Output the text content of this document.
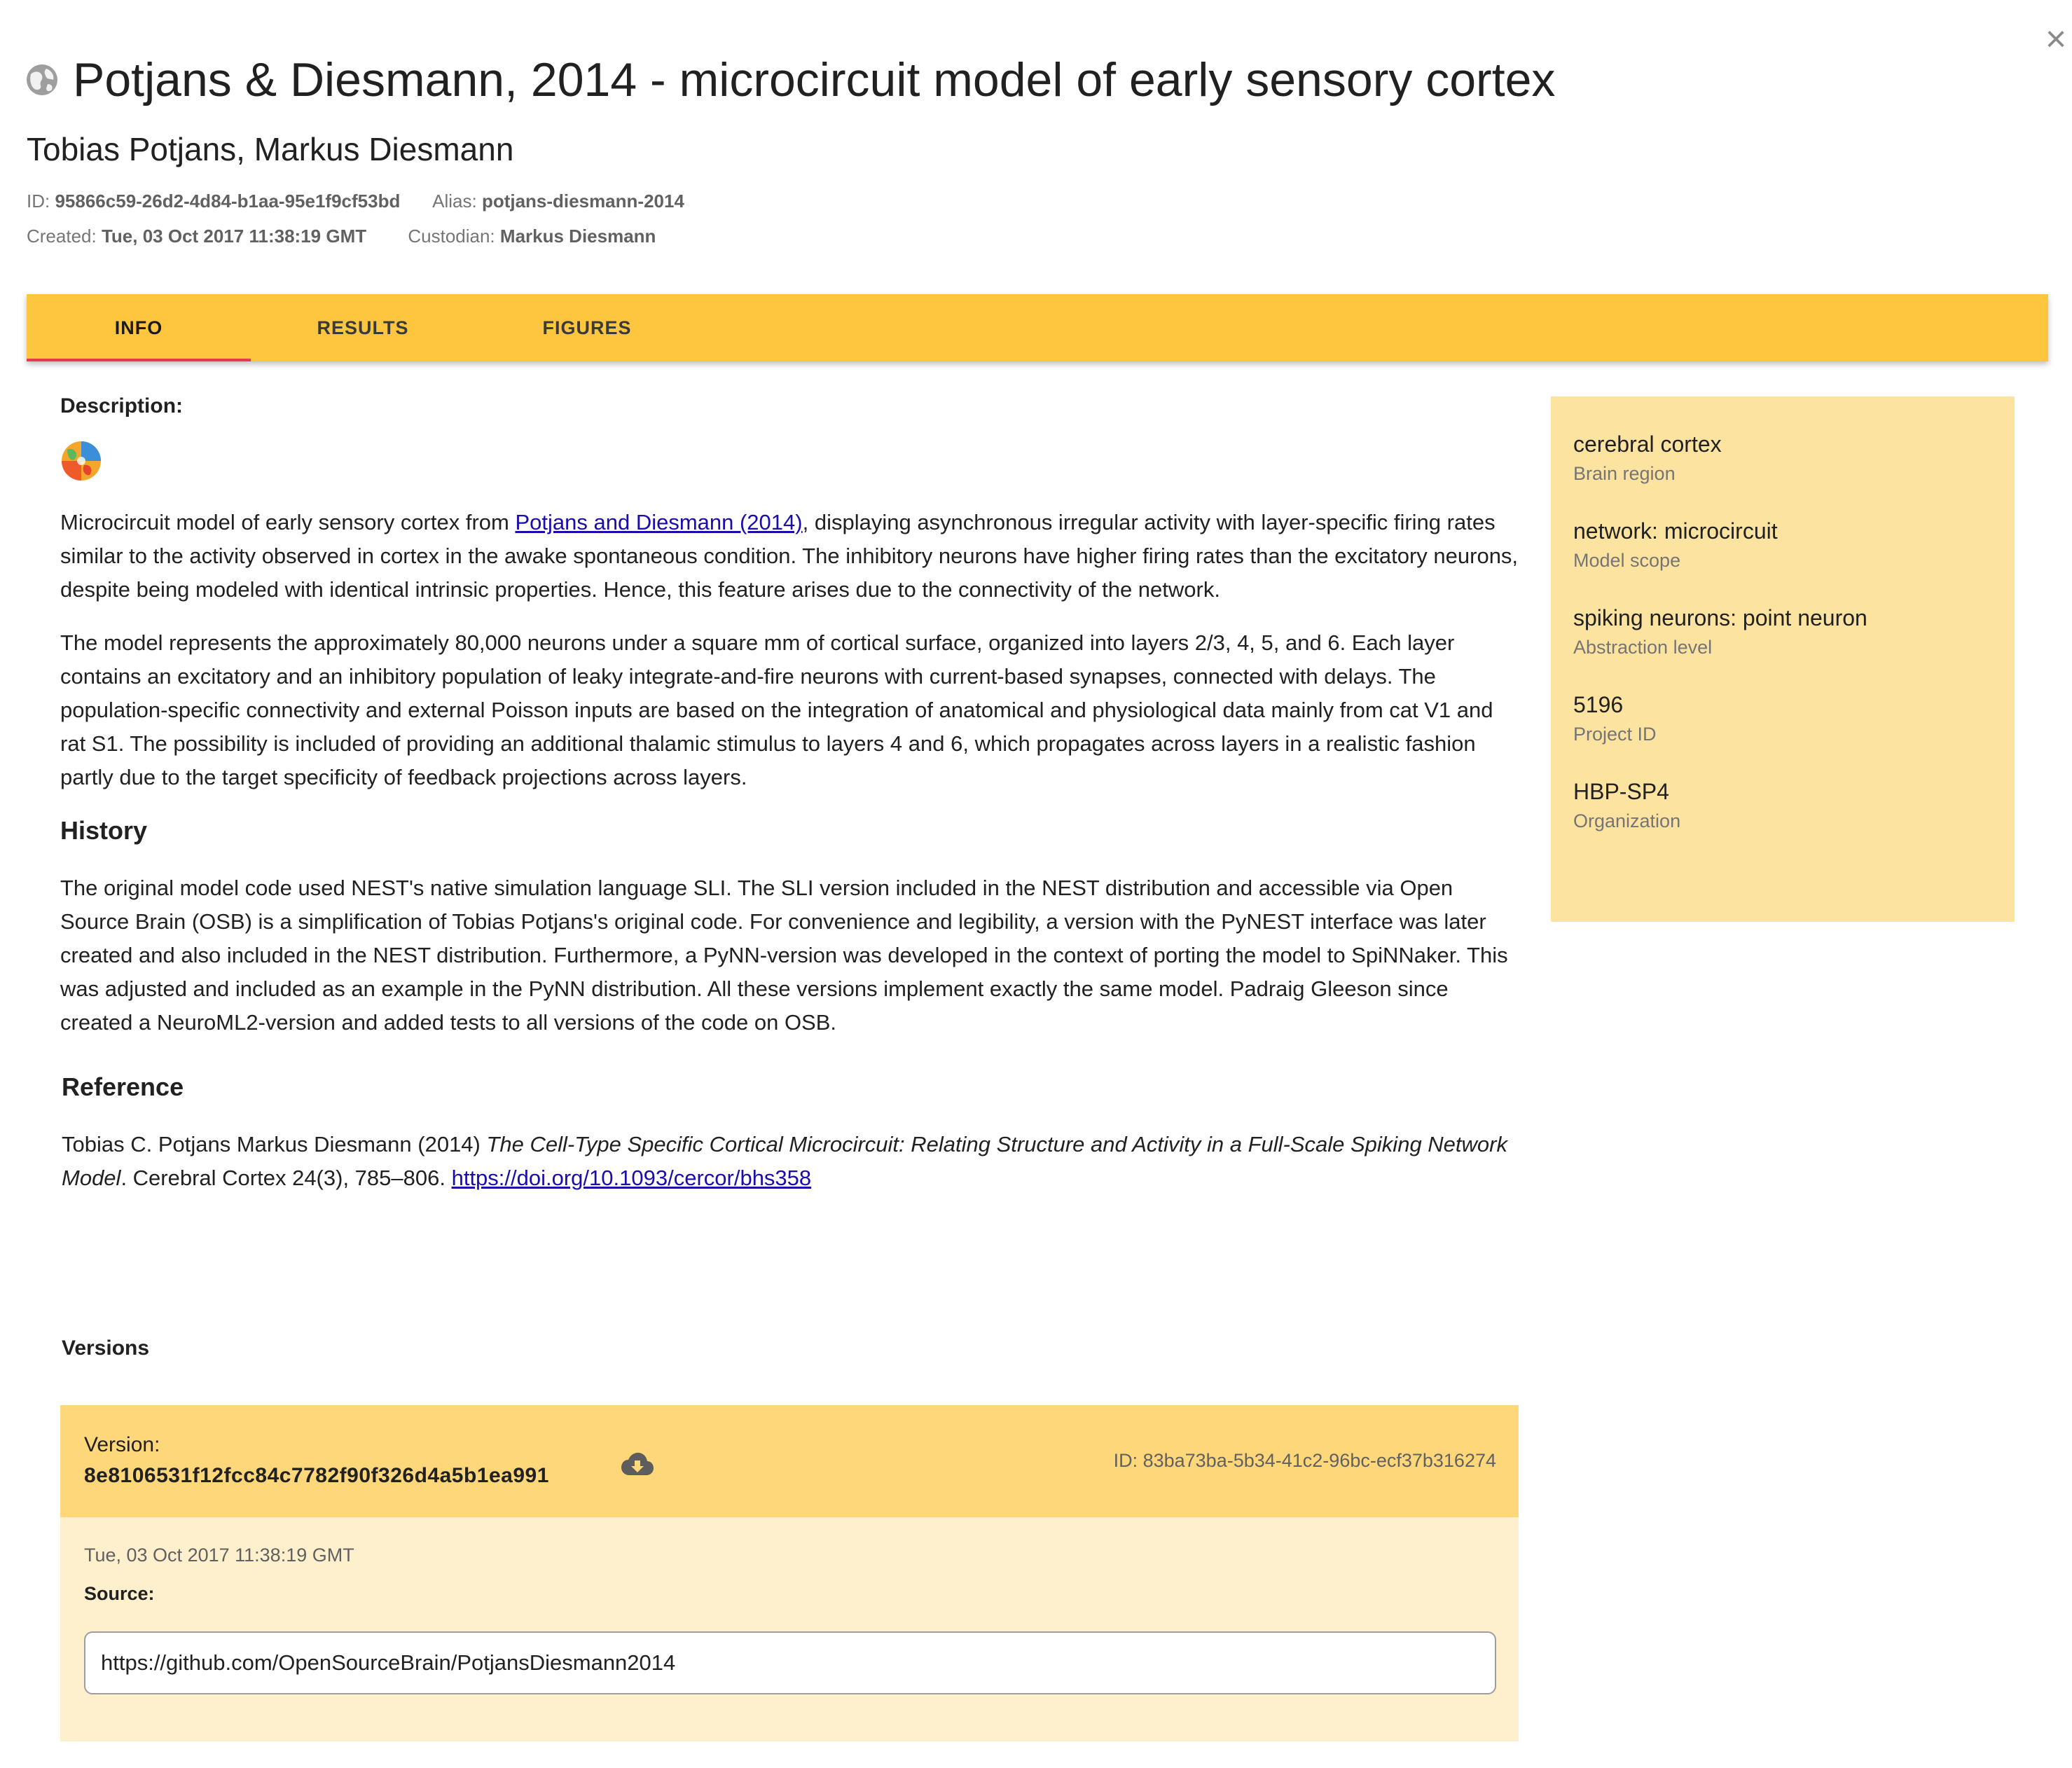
×
Potjans & Diesmann, 2014 - microcircuit model of early sensory cortex
Tobias Potjans, Markus Diesmann
ID: 95866c59-26d2-4d84-b1aa-95e1f9cf53bd Alias: potjans-diesmann-2014
Created: Tue, 03 Oct 2017 11:38:19 GMT Custodian: Markus Diesmann
INFO	RESULTS	FIGURES
Description:

Microcircuit model of early sensory cortex from Potjans and Diesmann (2014), displaying asynchronous irregular activity with layer-specific firing rates similar to the activity observed in cortex in the awake spontaneous condition. The inhibitory neurons have higher firing rates than the excitatory neurons, despite being modeled with identical intrinsic properties. Hence, this feature arises due to the connectivity of the network.

The model represents the approximately 80,000 neurons under a square mm of cortical surface, organized into layers 2/3, 4, 5, and 6. Each layer contains an excitatory and an inhibitory population of leaky integrate-and-fire neurons with current-based synapses, connected with delays. The population-specific connectivity and external Poisson inputs are based on the integration of anatomical and physiological data mainly from cat V1 and rat S1. The possibility is included of providing an additional thalamic stimulus to layers 4 and 6, which propagates across layers in a realistic fashion partly due to the target specificity of feedback projections across layers.

History

The original model code used NEST's native simulation language SLI. The SLI version included in the NEST distribution and accessible via Open Source Brain (OSB) is a simplification of Tobias Potjans's original code. For convenience and legibility, a version with the PyNEST interface was later created and also included in the NEST distribution. Furthermore, a PyNN-version was developed in the context of porting the model to SpiNNaker. This was adjusted and included as an example in the PyNN distribution. All these versions implement exactly the same model. Padraig Gleeson since created a NeuroML2-version and added tests to all versions of the code on OSB.

Reference

Tobias C. Potjans Markus Diesmann (2014) The Cell-Type Specific Cortical Microcircuit: Relating Structure and Activity in a Full-Scale Spiking Network Model. Cerebral Cortex 24(3), 785–806. https://doi.org/10.1093/cercor/bhs358

cerebral cortex
Brain region
network: microcircuit
Model scope
spiking neurons: point neuron
Abstraction level
5196
Project ID
HBP-SP4
Organization
Versions
Version:
8e8106531f12fcc84c7782f90f326d4a5b1ea991
ID: 83ba73ba-5b34-41c2-96bc-ecf37b316274
Tue, 03 Oct 2017 11:38:19 GMT
Source:
https://github.com/OpenSourceBrain/PotjansDiesmann2014
